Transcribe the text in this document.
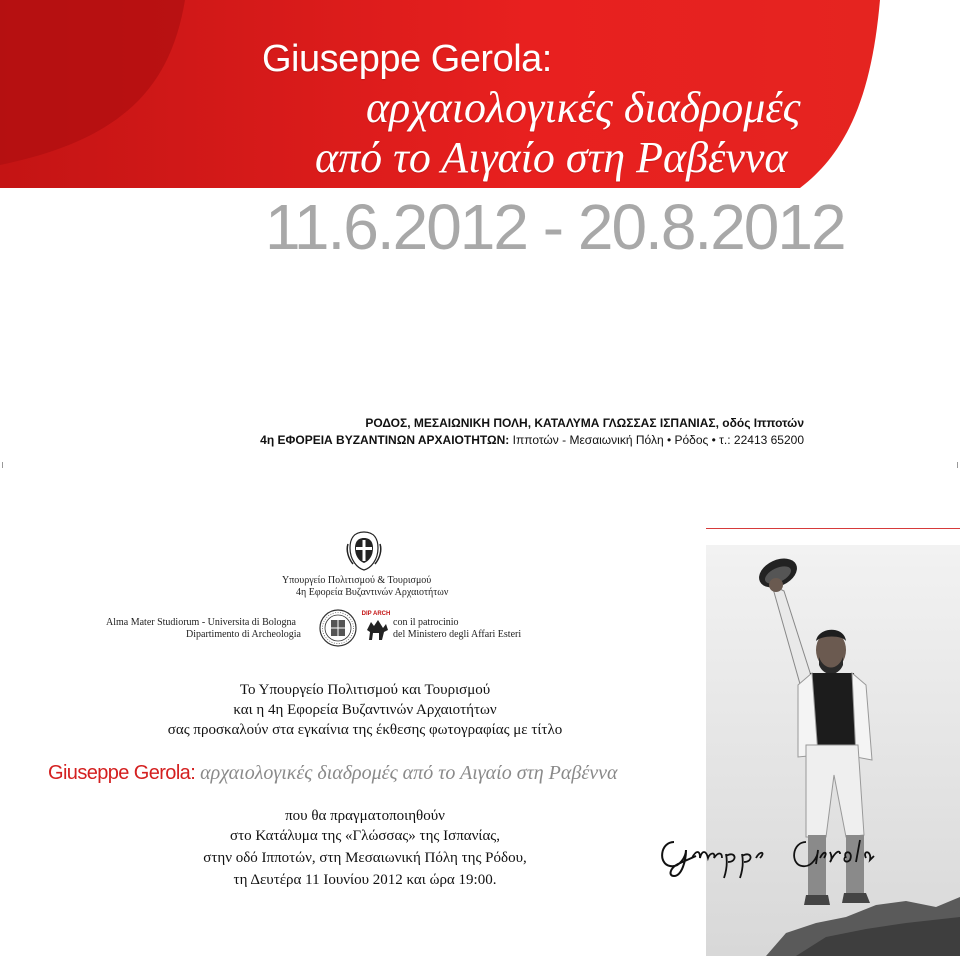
Giuseppe Gerola:
αρχαιολογικές διαδρομές
από το Αιγαίο στη Ραβέννα
11.6.2012 - 20.8.2012
ΡΟΔΟΣ, ΜΕΣΑΙΩΝΙΚΗ ΠΟΛΗ, ΚΑΤΑΛΥΜΑ ΓΛΩΣΣΑΣ ΙΣΠΑΝΙΑΣ, οδός Ιπποτών
4η ΕΦΟΡΕΙΑ ΒΥΖΑΝΤΙΝΩΝ ΑΡΧΑΙΟΤΗΤΩΝ: Ιπποτών - Μεσαιωνική Πόλη • Ρόδος • τ.: 22413 65200
Υπουργείο Πολιτισμού & Τουρισμού
4η Εφορεία Βυζαντινών Αρχαιοτήτων
Alma Mater Studiorum - Universita di Bologna
Dipartimento di Archeologia
DIP ARCH
con il patrocinio
del Ministero degli Affari Esteri
Το Υπουργείο Πολιτισμού και Τουρισμού
και η 4η Εφορεία Βυζαντινών Αρχαιοτήτων
σας προσκαλούν στα εγκαίνια της έκθεσης φωτογραφίας με τίτλο
Giuseppe Gerola: αρχαιολογικές διαδρομές από το Αιγαίο στη Ραβέννα
που θα πραγματοποιηθούν
στο Κατάλυμα της «Γλώσσας» της Ισπανίας,
στην οδό Ιπποτών, στη Μεσαιωνική Πόλη της Ρόδου,
τη Δευτέρα 11 Ιουνίου 2012 και ώρα 19:00.
